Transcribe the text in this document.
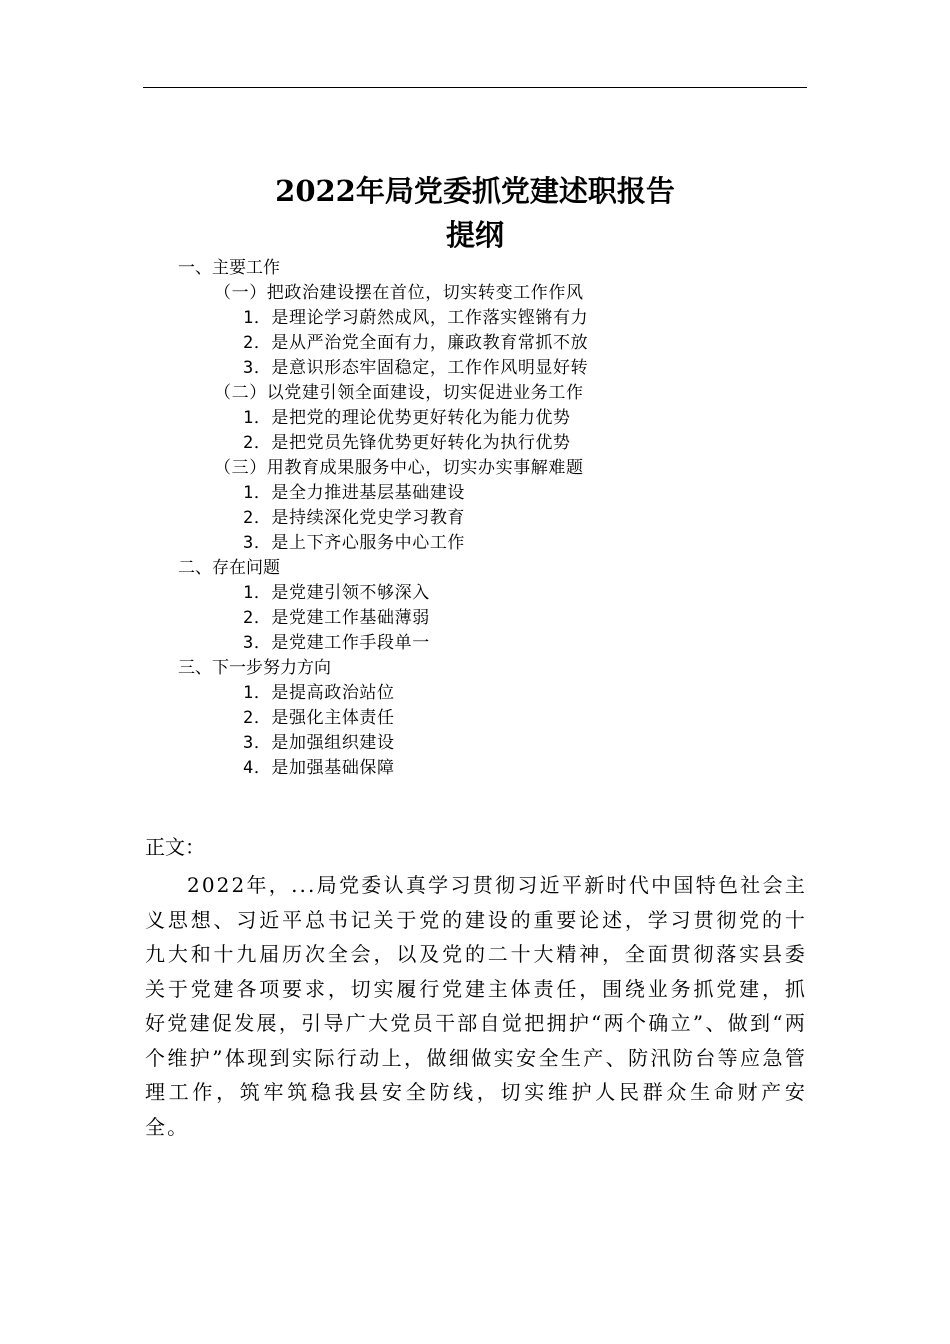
2022年局党委抓党建述职报告
提纲
一、主要工作
（一）把政治建设摆在首位，切实转变工作作风
1．是理论学习蔚然成风，工作落实铿锵有力
2．是从严治党全面有力，廉政教育常抓不放
3．是意识形态牢固稳定，工作作风明显好转
（二）以党建引领全面建设，切实促进业务工作
1．是把党的理论优势更好转化为能力优势
2．是把党员先锋优势更好转化为执行优势
（三）用教育成果服务中心，切实办实事解难题
1．是全力推进基层基础建设
2．是持续深化党史学习教育
3．是上下齐心服务中心工作
二、存在问题
1．是党建引领不够深入
2．是党建工作基础薄弱
3．是党建工作手段单一
三、下一步努力方向
1．是提高政治站位
2．是强化主体责任
3．是加强组织建设
4．是加强基础保障
正文：

2022年，...局党委认真学习贯彻习近平新时代中国特色社会主义思想、习近平总书记关于党的建设的重要论述，学习贯彻党的十九大和十九届历次全会，以及党的二十大精神，全面贯彻落实县委关于党建各项要求，切实履行党建主体责任，围绕业务抓党建，抓好党建促发展，引导广大党员干部自觉把拥护“两个确立”、做到“两个维护”体现到实际行动上，做细做实安全生产、防汛防台等应急管理工作，筑牢筑稳我县安全防线，切实维护人民群众生命财产安全。
